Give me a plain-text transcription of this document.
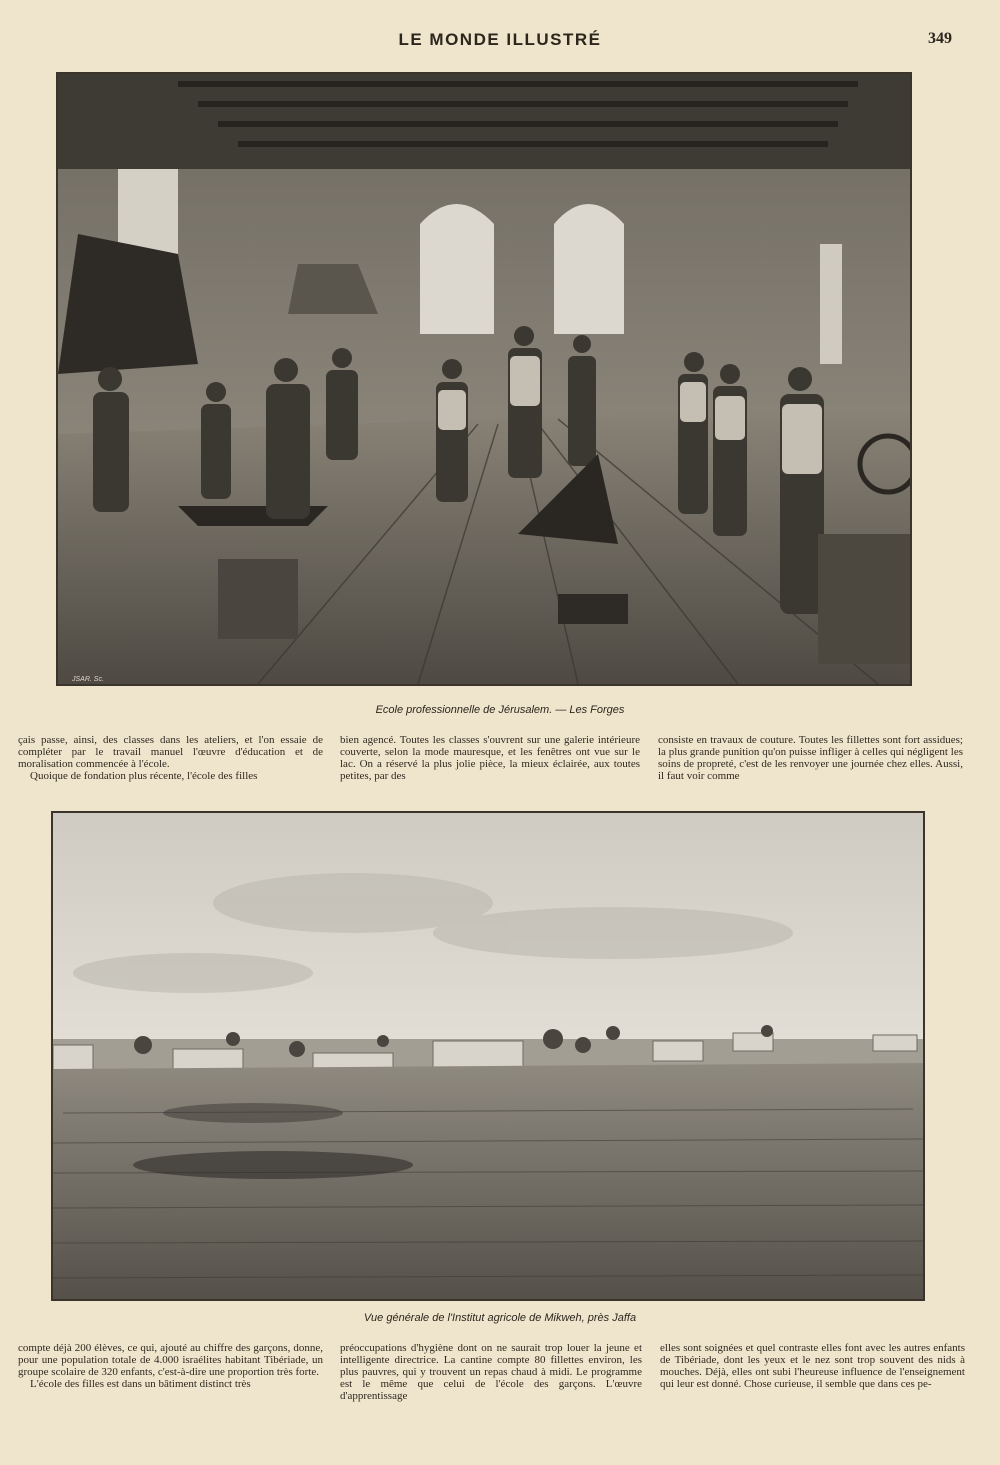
LE MONDE ILLUSTRÉ	349
JSAR. Sc.
Ecole professionnelle de Jérusalem. — Les Forges

çais passe, ainsi, des classes dans les ateliers, et l'on essaie de compléter par le travail manuel l'œuvre d'éducation et de moralisation commencée à l'école.

Quoique de fondation plus récente, l'école des filles

bien agencé. Toutes les classes s'ouvrent sur une galerie intérieure couverte, selon la mode mauresque, et les fenêtres ont vue sur le lac. On a réservé la plus jolie pièce, la mieux éclairée, aux toutes petites, par des

consiste en travaux de couture. Toutes les fillettes sont fort assidues; la plus grande punition qu'on puisse infliger à celles qui négligent les soins de propreté, c'est de les renvoyer une journée chez elles. Aussi, il faut voir comme

Vue générale de l'Institut agricole de Mikweh, près Jaffa

compte déjà 200 élèves, ce qui, ajouté au chiffre des garçons, donne, pour une population totale de 4.000 israélites habitant Tibériade, un groupe scolaire de 320 enfants, c'est-à-dire une proportion très forte.

L'école des filles est dans un bâtiment distinct très

préoccupations d'hygiène dont on ne saurait trop louer la jeune et intelligente directrice. La cantine compte 80 fillettes environ, les plus pauvres, qui y trouvent un repas chaud à midi. Le programme est le même que celui de l'école des garçons. L'œuvre d'apprentissage

elles sont soignées et quel contraste elles font avec les autres enfants de Tibériade, dont les yeux et le nez sont trop souvent des nids à mouches. Déjà, elles ont subi l'heureuse influence de l'enseignement qui leur est donné. Chose curieuse, il semble que dans ces pe-
